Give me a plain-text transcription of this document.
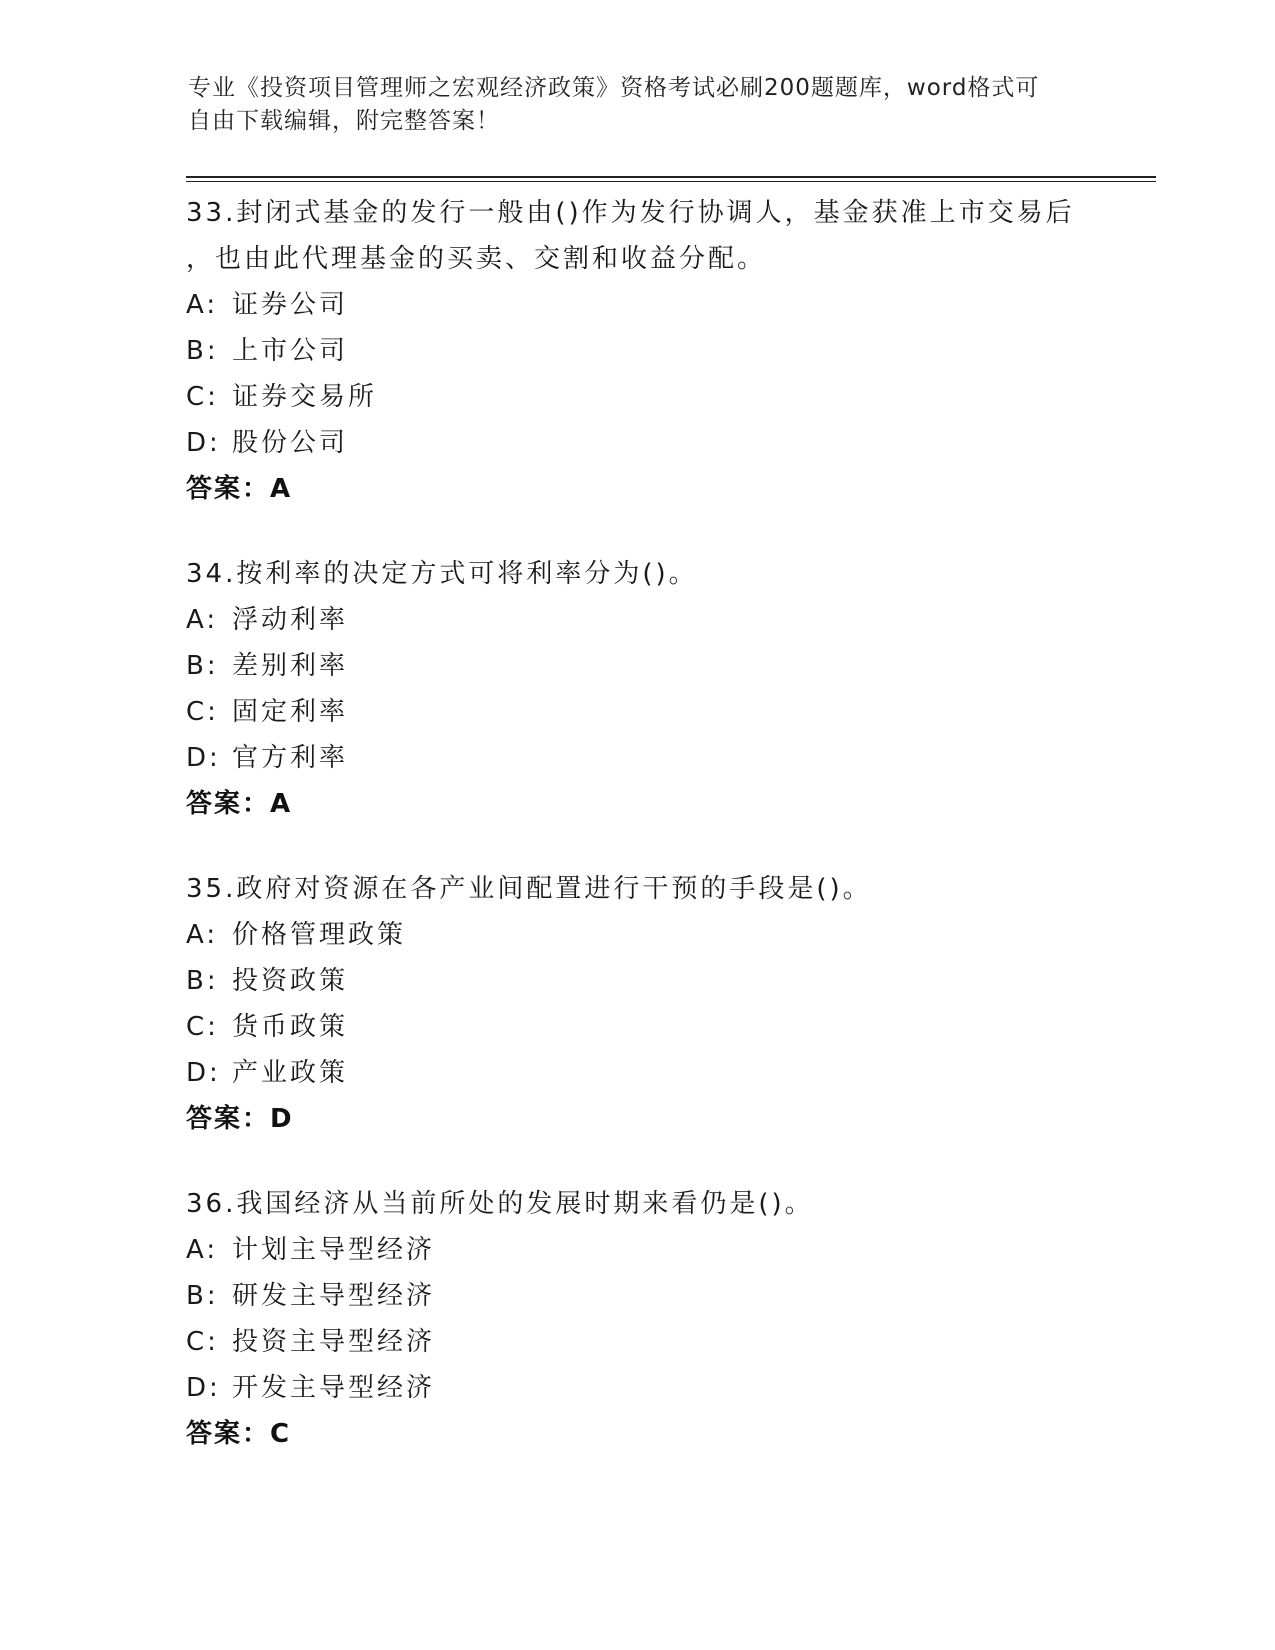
专业《投资项目管理师之宏观经济政策》资格考试必刷200题题库，word格式可
自由下载编辑，附完整答案！

33.封闭式基金的发行一般由()作为发行协调人，基金获准上市交易后
，也由此代理基金的买卖、交割和收益分配。

A: 证券公司

B: 上市公司

C: 证券交易所

D: 股份公司

答案：A

34.按利率的决定方式可将利率分为()。

A: 浮动利率

B: 差别利率

C: 固定利率

D: 官方利率

答案：A

35.政府对资源在各产业间配置进行干预的手段是()。

A: 价格管理政策

B: 投资政策

C: 货币政策

D: 产业政策

答案：D

36.我国经济从当前所处的发展时期来看仍是()。

A: 计划主导型经济

B: 研发主导型经济

C: 投资主导型经济

D: 开发主导型经济

答案：C
